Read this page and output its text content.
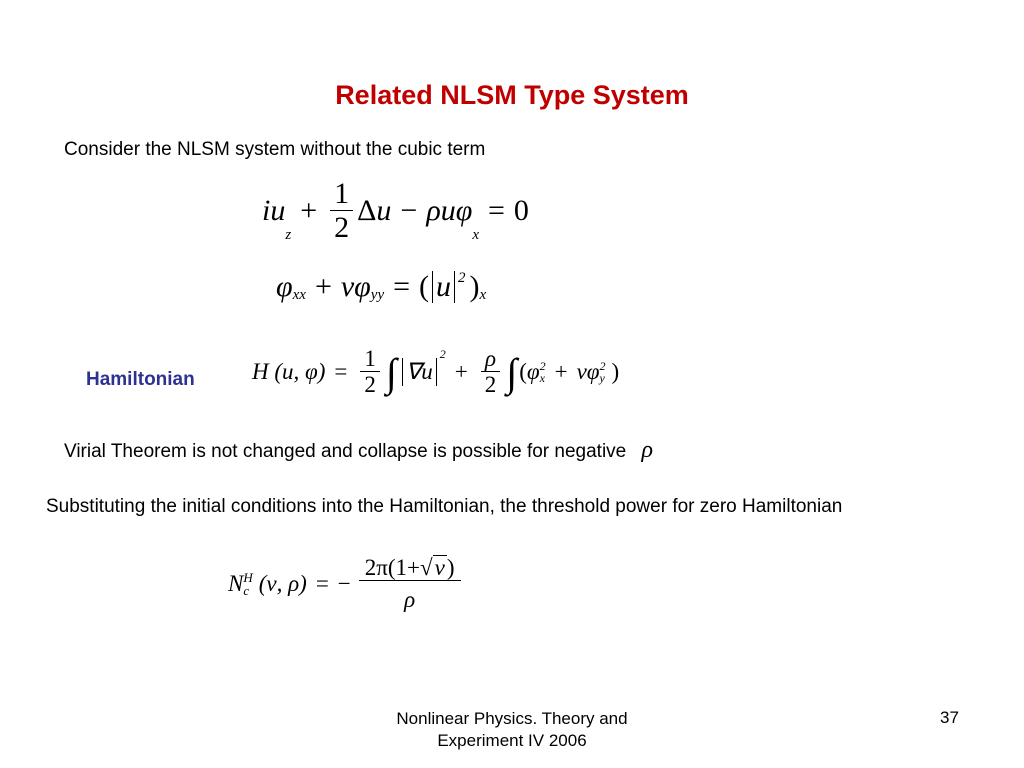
Related NLSM Type System
Consider the NLSM system without the cubic term
iu
$_z$
+ $\frac{1}{2}$ Δ u − ρuφ
$_x$
= 0
$\varphi_{xx} + \nu\varphi_{yy}$ = ( u $^2$ )$_x$
Hamiltonian H (u, $\varphi) = \frac{1}{2}$ ∫ ∇u
$^2$
+ $\frac{\rho}{2}$ ∫ ( φ 2
x + νφ 2
y )
Virial Theorem is not changed and collapse is possible for negative ρ
Substituting the initial conditions into the Hamiltonian, the threshold power for zero Hamiltonian
N H
c (ν, ρ) = − $\frac{2\pi(1+ √ \nu )}{\rho}$
Nonlinear Physics. Theory and
Experiment IV 2006
37
